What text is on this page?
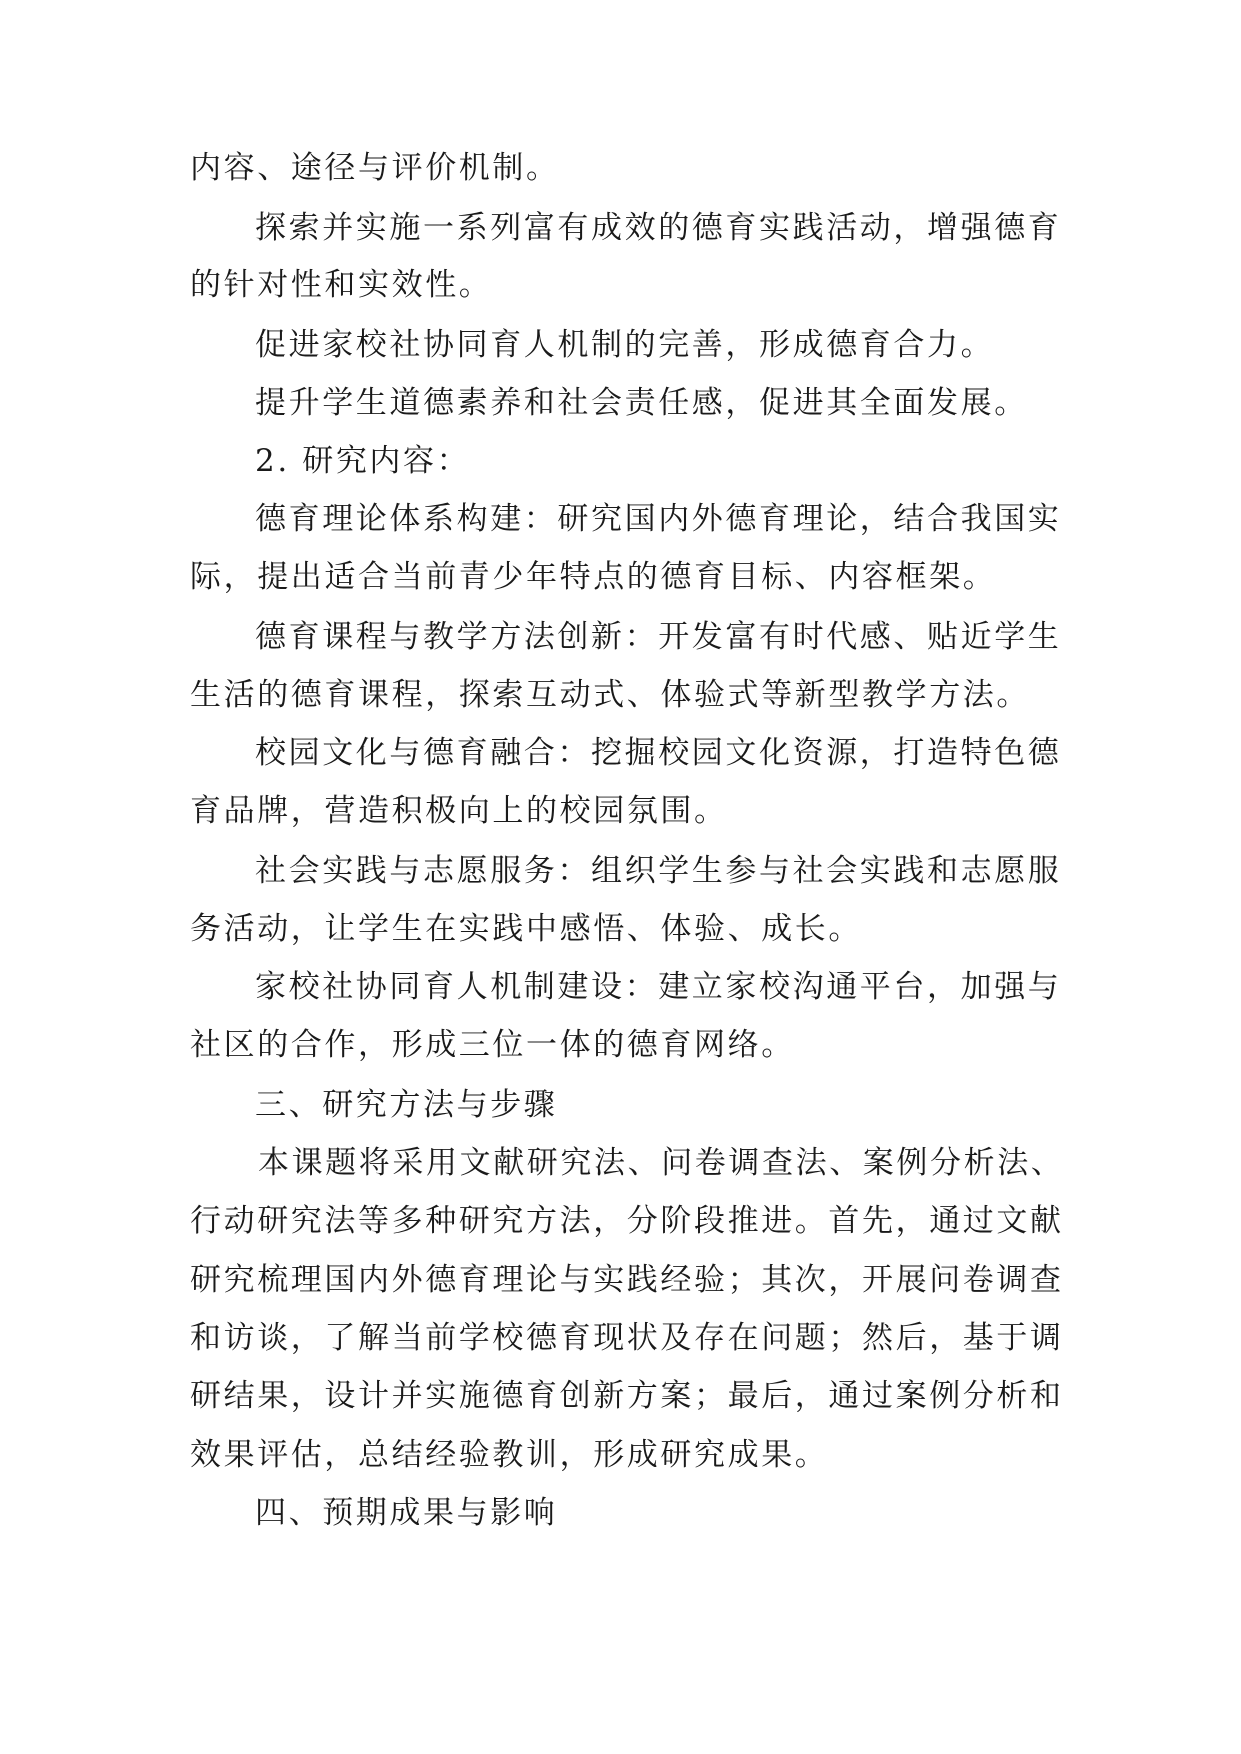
内容、途径与评价机制。
探索并实施一系列富有成效的德育实践活动，增强德育
的针对性和实效性。
促进家校社协同育人机制的完善，形成德育合力。
提升学生道德素养和社会责任感，促进其全面发展。
2. 研究内容：
德育理论体系构建：研究国内外德育理论，结合我国实
际，提出适合当前青少年特点的德育目标、内容框架。
德育课程与教学方法创新：开发富有时代感、贴近学生
生活的德育课程，探索互动式、体验式等新型教学方法。
校园文化与德育融合：挖掘校园文化资源，打造特色德
育品牌，营造积极向上的校园氛围。
社会实践与志愿服务：组织学生参与社会实践和志愿服
务活动，让学生在实践中感悟、体验、成长。
家校社协同育人机制建设：建立家校沟通平台，加强与
社区的合作，形成三位一体的德育网络。
三、研究方法与步骤
本课题将采用文献研究法、问卷调查法、案例分析法、
行动研究法等多种研究方法，分阶段推进。首先，通过文献
研究梳理国内外德育理论与实践经验；其次，开展问卷调查
和访谈，了解当前学校德育现状及存在问题；然后，基于调
研结果，设计并实施德育创新方案；最后，通过案例分析和
效果评估，总结经验教训，形成研究成果。
四、预期成果与影响
